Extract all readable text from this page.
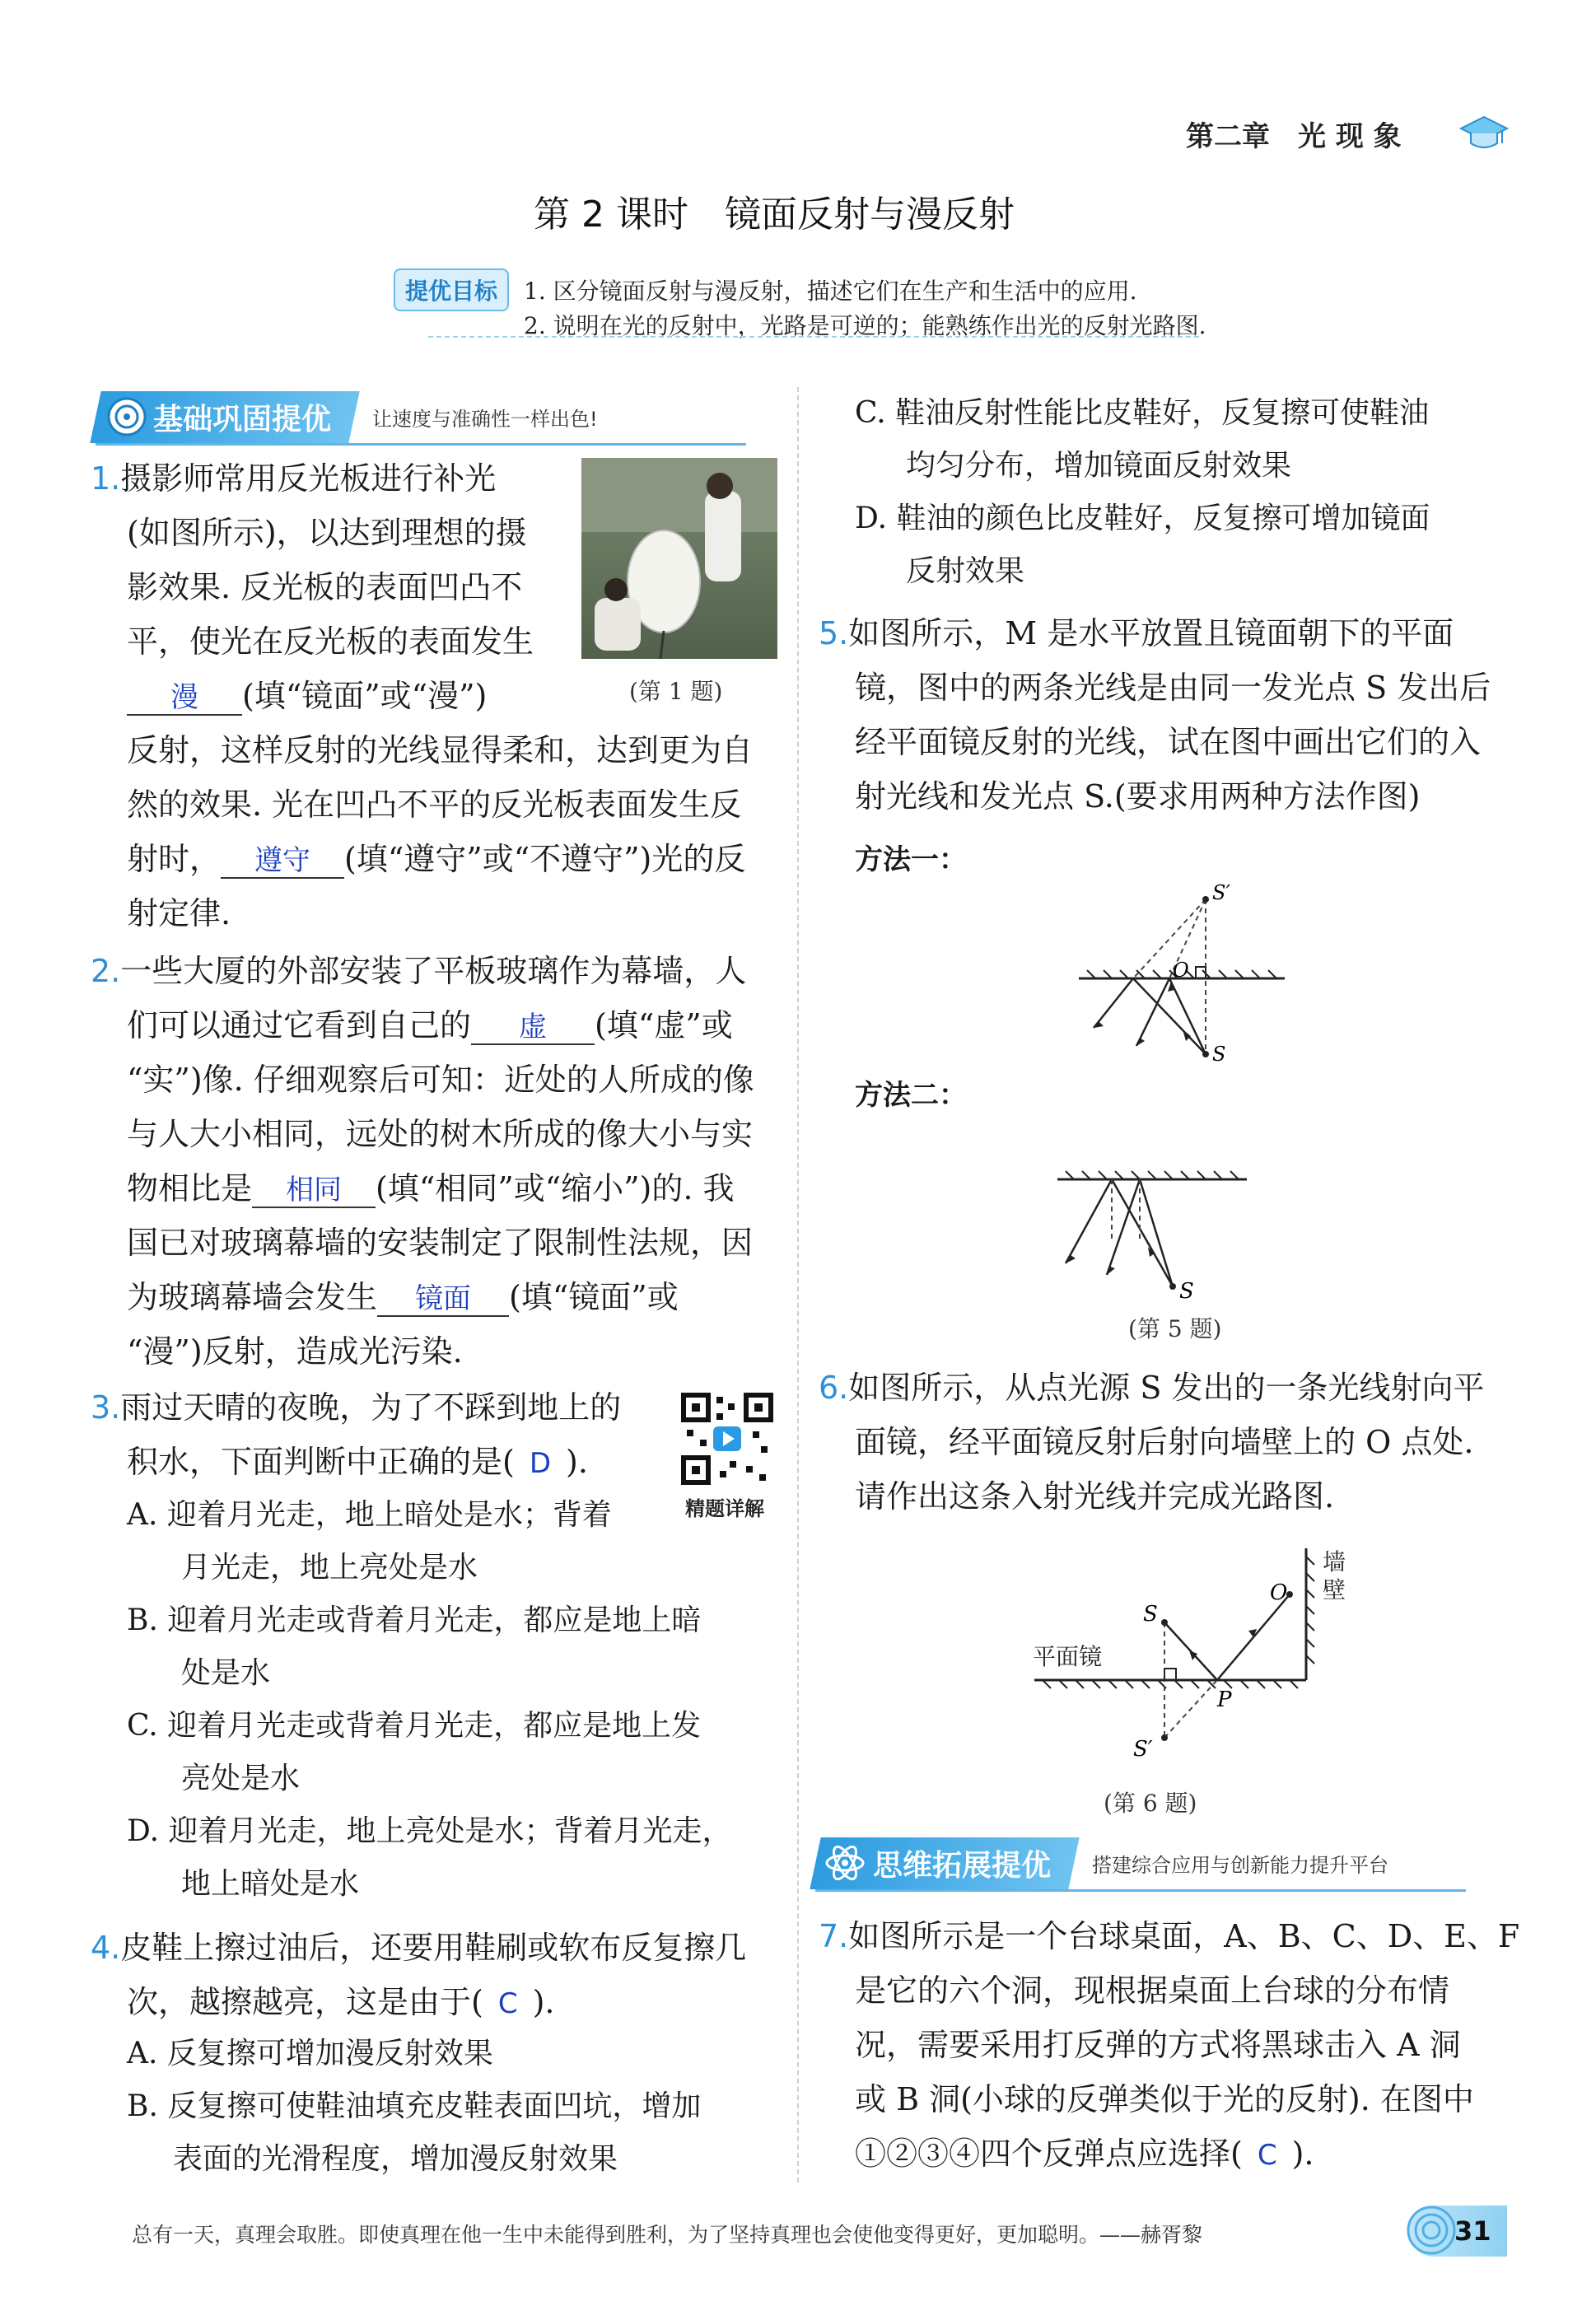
第二章　光 现 象
第 2 课时　镜面反射与漫反射
提优目标	1. 区分镜面反射与漫反射，描述它们在生产和生活中的应用.
2. 说明在光的反射中，光路是可逆的；能熟练作出光的反射光路图.
基础巩固提优	让速度与准确性一样出色!
1.摄影师常用反光板进行补光
(如图所示)，以达到理想的摄
影效果. 反光板的表面凹凸不
平，使光在反光板的表面发生
漫 (填“镜面”或“漫”)
反射，这样反射的光线显得柔和，达到更为自
然的效果. 光在凹凸不平的反光板表面发生反
射时， 遵守 (填“遵守”或“不遵守”)光的反
射定律.
(第 1 题)
2.一些大厦的外部安装了平板玻璃作为幕墙，人
们可以通过它看到自己的 虚 (填“虚”或
“实”)像. 仔细观察后可知：近处的人所成的像
与人大小相同，远处的树木所成的像大小与实
物相比是 相同 (填“相同”或“缩小”)的. 我
国已对玻璃幕墙的安装制定了限制性法规，因
为玻璃幕墙会发生 镜面 (填“镜面”或
“漫”)反射，造成光污染.
3.雨过天晴的夜晚，为了不踩到地上的
积水，下面判断中正确的是( D ).
A. 迎着月光走，地上暗处是水；背着
月光走，地上亮处是水
B. 迎着月光走或背着月光走，都应是地上暗
处是水
C. 迎着月光走或背着月光走，都应是地上发
亮处是水
D. 迎着月光走，地上亮处是水；背着月光走，
地上暗处是水
精题详解
4.皮鞋上擦过油后，还要用鞋刷或软布反复擦几
次，越擦越亮，这是由于( C ).
A. 反复擦可增加漫反射效果
B. 反复擦可使鞋油填充皮鞋表面凹坑，增加
表面的光滑程度，增加漫反射效果
C. 鞋油反射性能比皮鞋好，反复擦可使鞋油
均匀分布，增加镜面反射效果
D. 鞋油的颜色比皮鞋好，反复擦可增加镜面
反射效果
5.如图所示，M 是水平放置且镜面朝下的平面
镜，图中的两条光线是由同一发光点 S 发出后
经平面镜反射的光线，试在图中画出它们的入
射光线和发光点 S.(要求用两种方法作图)
方法一：
S′
O
S
方法二：
S
(第 5 题)
6.如图所示，从点光源 S 发出的一条光线射向平
面镜，经平面镜反射后射向墙壁上的 O 点处.
请作出这条入射光线并完成光路图.
S
S′
O
P
平面镜
墙壁
(第 6 题)
思维拓展提优	搭建综合应用与创新能力提升平台
7.如图所示是一个台球桌面，A、B、C、D、E、F
是它的六个洞，现根据桌面上台球的分布情
况，需要采用打反弹的方式将黑球击入 A 洞
或 B 洞(小球的反弹类似于光的反射). 在图中
①②③④四个反弹点应选择( C ).
总有一天，真理会取胜。即使真理在他一生中未能得到胜利，为了坚持真理也会使他变得更好，更加聪明。——赫胥黎	31
